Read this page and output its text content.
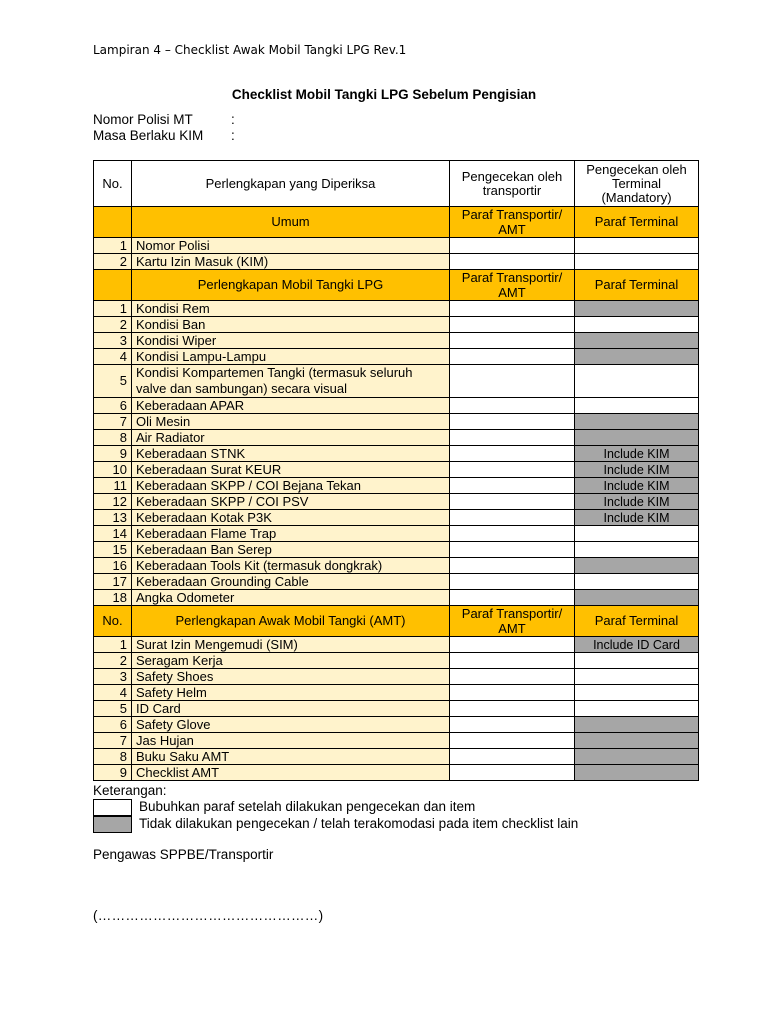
Lampiran 4 – Checklist Awak Mobil Tangki LPG Rev.1
Checklist Mobil Tangki LPG Sebelum Pengisian
Nomor Polisi MT	:
Masa Berlaku KIM :
No.	Perlengkapan yang Diperiksa	Pengecekan oleh transportir	Pengecekan oleh Terminal (Mandatory)
	Umum	Paraf Transportir/ AMT	Paraf Terminal
1	Nomor Polisi		
2	Kartu Izin Masuk (KIM)		
	Perlengkapan Mobil Tangki LPG	Paraf Transportir/ AMT	Paraf Terminal
1	Kondisi Rem		
2	Kondisi Ban		
3	Kondisi Wiper		
4	Kondisi Lampu-Lampu		
5	Kondisi Kompartemen Tangki (termasuk seluruh valve dan sambungan) secara visual		
6	Keberadaan APAR		
7	Oli Mesin		
8	Air Radiator		
9	Keberadaan STNK		Include KIM
10	Keberadaan Surat KEUR		Include KIM
11	Keberadaan SKPP / COI Bejana Tekan		Include KIM
12	Keberadaan SKPP / COI PSV		Include KIM
13	Keberadaan Kotak P3K		Include KIM
14	Keberadaan Flame Trap		
15	Keberadaan Ban Serep		
16	Keberadaan Tools Kit (termasuk dongkrak)		
17	Keberadaan Grounding Cable		
18	Angka Odometer		
No.	Perlengkapan Awak Mobil Tangki (AMT)	Paraf Transportir/ AMT	Paraf Terminal
1	Surat Izin Mengemudi (SIM)		Include ID Card
2	Seragam Kerja		
3	Safety Shoes		
4	Safety Helm		
5	ID Card		
6	Safety Glove		
7	Jas Hujan		
8	Buku Saku AMT		
9	Checklist AMT		
Keterangan:
Bubuhkan paraf setelah dilakukan pengecekan dan item
Tidak dilakukan pengecekan / telah terakomodasi pada item checklist lain
Pengawas SPPBE/Transportir
(…………………………………………)
